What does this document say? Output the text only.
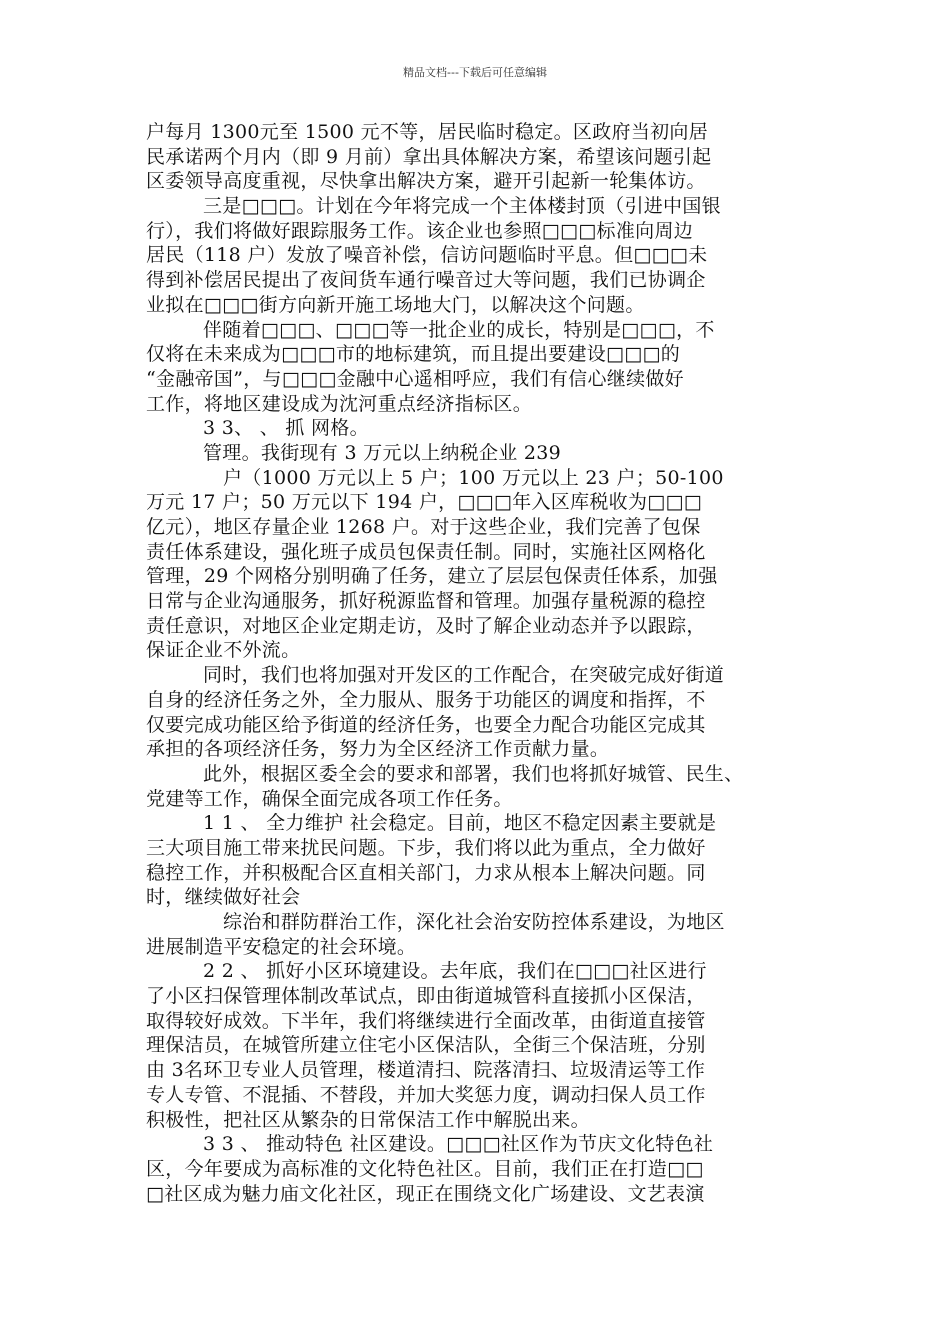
精品文档---下载后可任意编辑
户每月 1300元至 1500 元不等，居民临时稳定。区政府当初向居
民承诺两个月内（即 9 月前）拿出具体解决方案，希望该问题引起
区委领导高度重视，尽快拿出解决方案，避开引起新一轮集体访。
三是□□□。计划在今年将完成一个主体楼封顶（引进中国银
行），我们将做好跟踪服务工作。该企业也参照□□□标准向周边
居民（118 户）发放了噪音补偿，信访问题临时平息。但□□□未
得到补偿居民提出了夜间货车通行噪音过大等问题，我们已协调企
业拟在□□□街方向新开施工场地大门，以解决这个问题。
伴随着□□□、□□□等一批企业的成长，特别是□□□，不
仅将在未来成为□□□市的地标建筑，而且提出要建设□□□的
“金融帝国”，与□□□金融中心遥相呼应，我们有信心继续做好
工作，将地区建设成为沈河重点经济指标区。
3 3、 、 抓 网格。
管理。我街现有 3 万元以上纳税企业 239
户（1000 万元以上 5 户；100 万元以上 23 户；50-100
万元 17 户；50 万元以下 194 户，□□□年入区库税收为□□□
亿元），地区存量企业 1268 户。对于这些企业，我们完善了包保
责任体系建设，强化班子成员包保责任制。同时，实施社区网格化
管理，29 个网格分别明确了任务，建立了层层包保责任体系，加强
日常与企业沟通服务，抓好税源监督和管理。加强存量税源的稳控
责任意识，对地区企业定期走访，及时了解企业动态并予以跟踪，
保证企业不外流。
同时，我们也将加强对开发区的工作配合，在突破完成好街道
自身的经济任务之外，全力服从、服务于功能区的调度和指挥，不
仅要完成功能区给予街道的经济任务，也要全力配合功能区完成其
承担的各项经济任务，努力为全区经济工作贡献力量。
此外，根据区委全会的要求和部署，我们也将抓好城管、民生、
党建等工作，确保全面完成各项工作任务。
1 1 、 全力维护 社会稳定。目前，地区不稳定因素主要就是
三大项目施工带来扰民问题。下步，我们将以此为重点，全力做好
稳控工作，并积极配合区直相关部门，力求从根本上解决问题。同
时，继续做好社会
综治和群防群治工作，深化社会治安防控体系建设，为地区
进展制造平安稳定的社会环境。
2 2 、 抓好小区环境建设。去年底，我们在□□□社区进行
了小区扫保管理体制改革试点，即由街道城管科直接抓小区保洁，
取得较好成效。下半年，我们将继续进行全面改革，由街道直接管
理保洁员，在城管所建立住宅小区保洁队，全街三个保洁班，分别
由 3名环卫专业人员管理，楼道清扫、院落清扫、垃圾清运等工作
专人专管、不混插、不替段，并加大奖惩力度，调动扫保人员工作
积极性，把社区从繁杂的日常保洁工作中解脱出来。
3 3 、 推动特色 社区建设。□□□社区作为节庆文化特色社
区，今年要成为高标准的文化特色社区。目前，我们正在打造□□
□社区成为魅力庙文化社区，现正在围绕文化广场建设、文艺表演
